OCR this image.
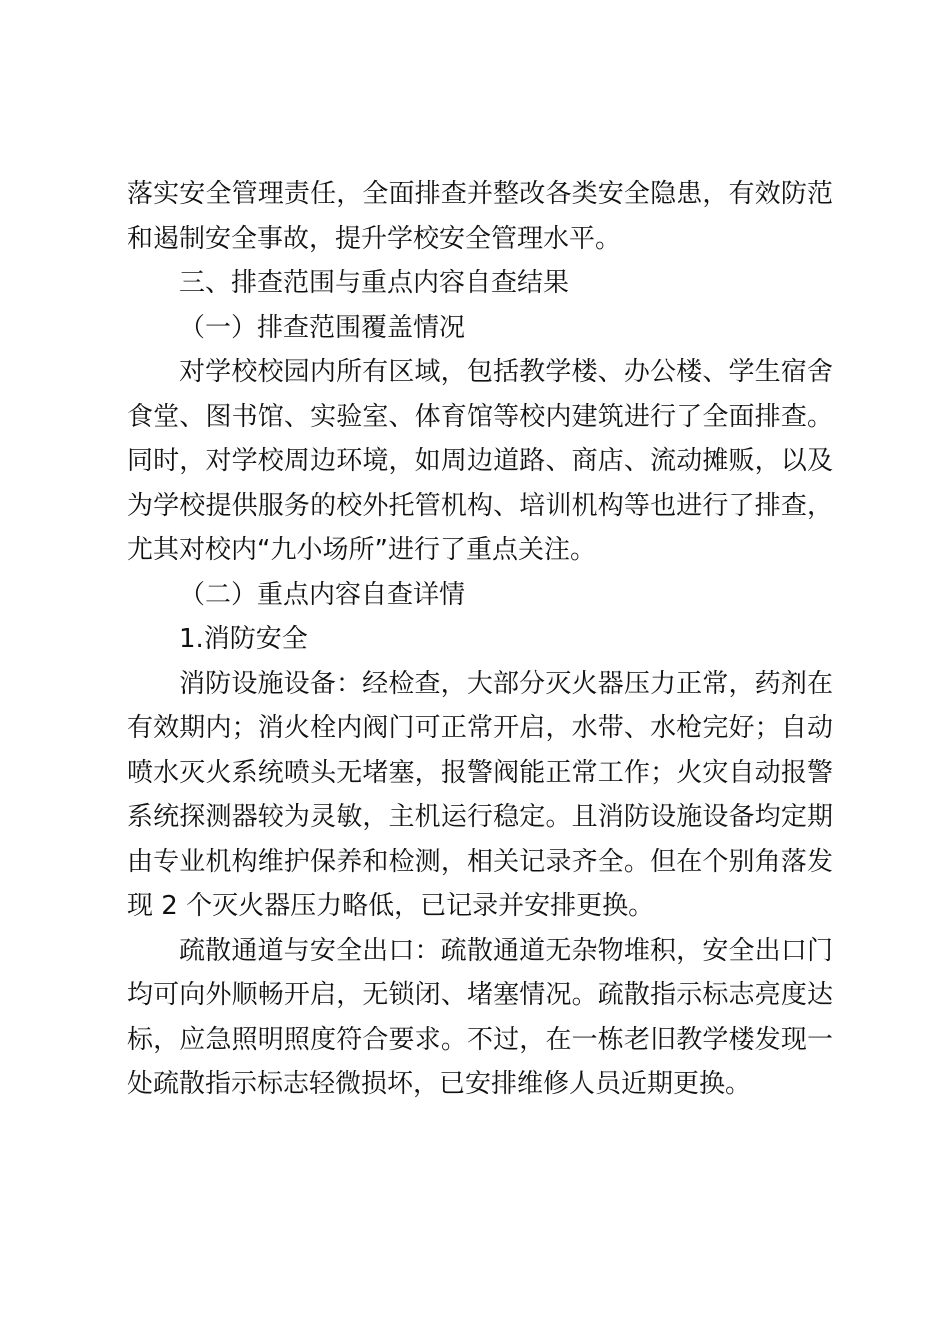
落实安全管理责任，全面排查并整改各类安全隐患，有效防范和遏制安全事故，提升学校安全管理水平。

三、排查范围与重点内容自查结果

（一）排查范围覆盖情况

对学校校园内所有区域，包括教学楼、办公楼、学生宿舍食堂、图书馆、实验室、体育馆等校内建筑进行了全面排查。同时，对学校周边环境，如周边道路、商店、流动摊贩，以及为学校提供服务的校外托管机构、培训机构等也进行了排查，尤其对校内“九小场所”进行了重点关注。

（二）重点内容自查详情

1.消防安全

消防设施设备：经检查，大部分灭火器压力正常，药剂在有效期内；消火栓内阀门可正常开启，水带、水枪完好；自动喷水灭火系统喷头无堵塞，报警阀能正常工作；火灾自动报警系统探测器较为灵敏，主机运行稳定。且消防设施设备均定期由专业机构维护保养和检测，相关记录齐全。但在个别角落发现 2 个灭火器压力略低，已记录并安排更换。

疏散通道与安全出口：疏散通道无杂物堆积，安全出口门均可向外顺畅开启，无锁闭、堵塞情况。疏散指示标志亮度达标，应急照明照度符合要求。不过，在一栋老旧教学楼发现一处疏散指示标志轻微损坏，已安排维修人员近期更换。
